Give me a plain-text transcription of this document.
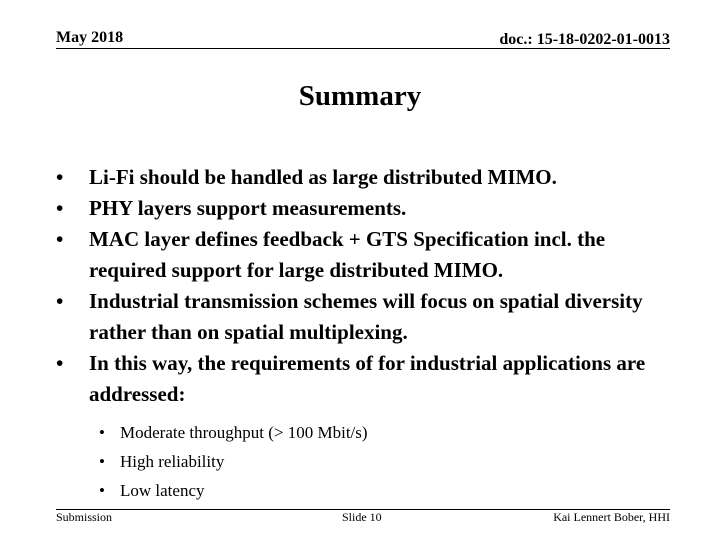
May 2018	doc.: 15-18-0202-01-0013
Summary
• Li-Fi should be handled as large distributed MIMO.
• PHY layers support measurements.
• MAC layer defines feedback + GTS Specification incl. the required support for large distributed MIMO.
• Industrial transmission schemes will focus on spatial diversity rather than on spatial multiplexing.
• In this way, the requirements of for industrial applications are addressed:
• Moderate throughput (> 100 Mbit/s)
• High reliability
• Low latency
Submission	Slide 10	Kai Lennert Bober, HHI
